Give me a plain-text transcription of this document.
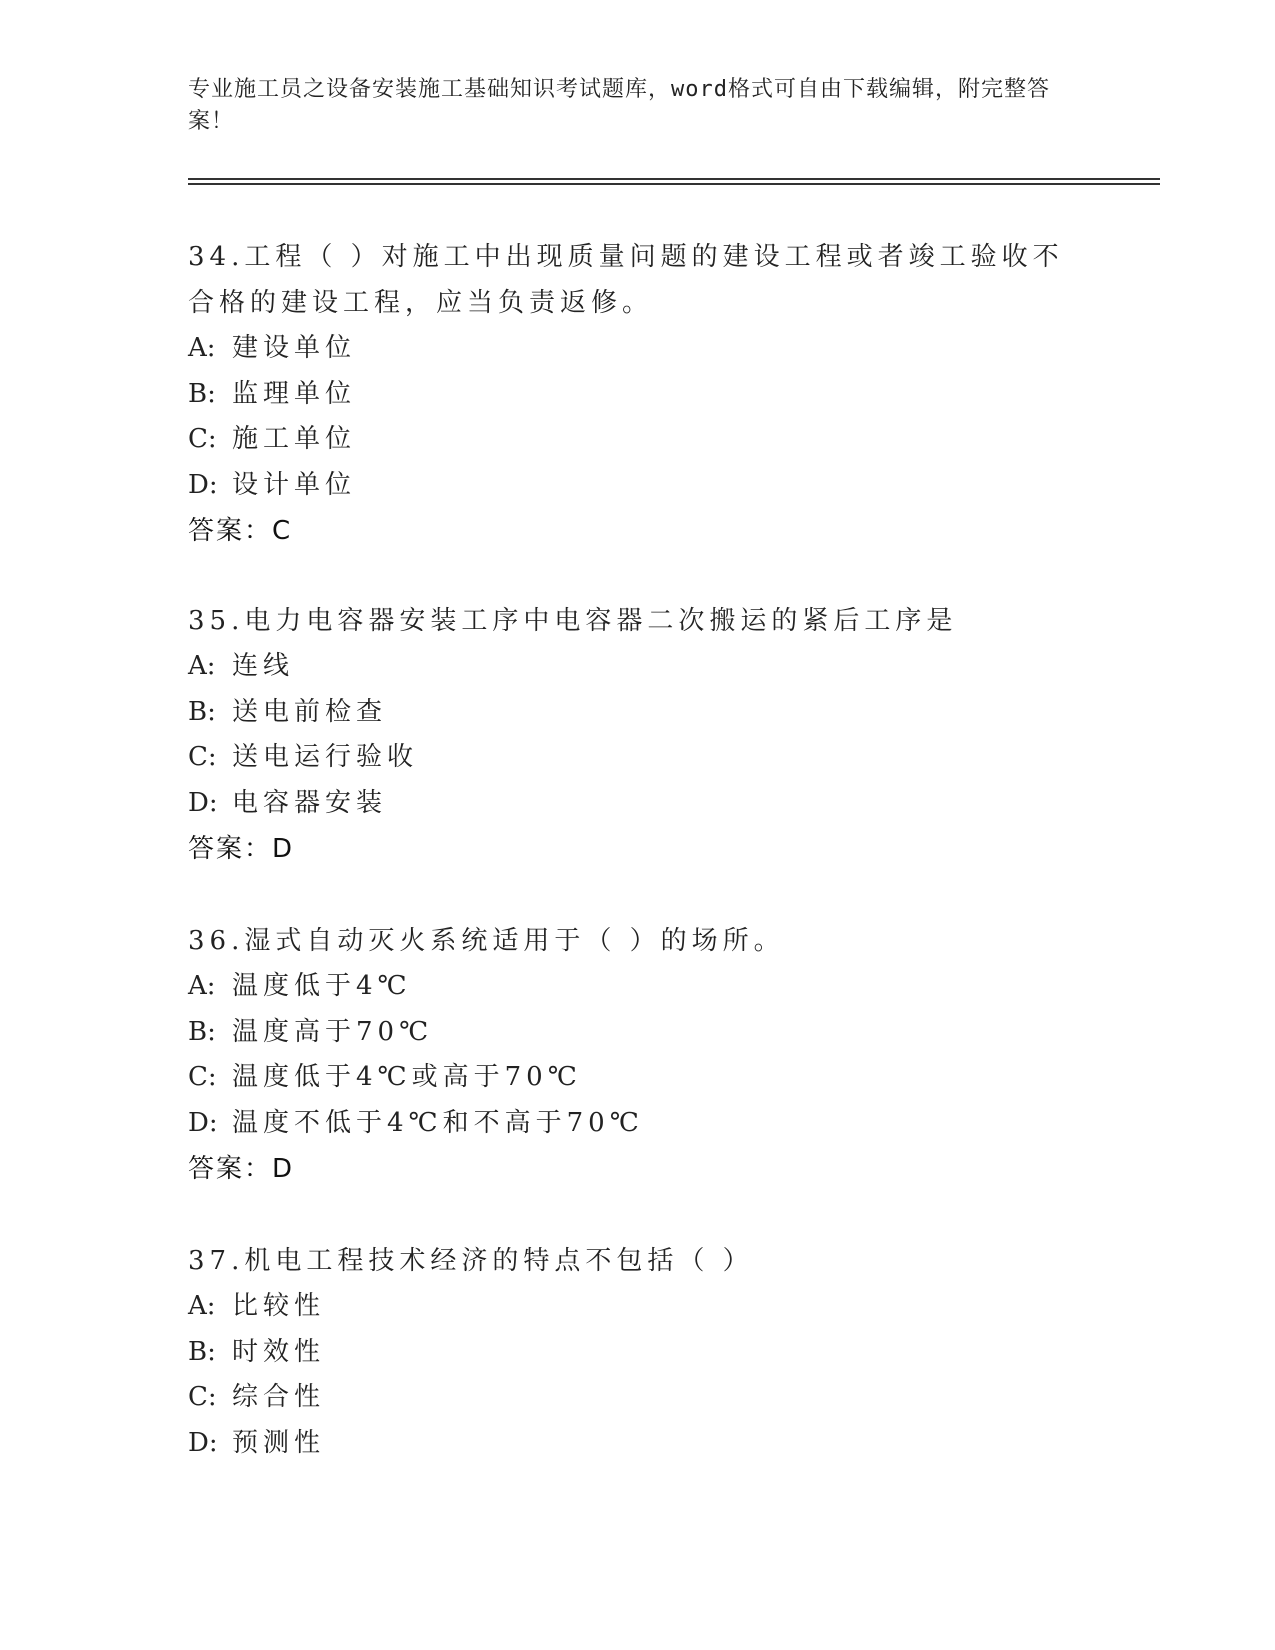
专业施工员之设备安装施工基础知识考试题库，word格式可自由下载编辑，附完整答案！

34.工程（ ）对施工中出现质量问题的建设工程或者竣工验收不合格的建设工程，应当负责返修。

A: 建设单位
B: 监理单位
C: 施工单位
D: 设计单位
答案：C

35.电力电容器安装工序中电容器二次搬运的紧后工序是

A: 连线
B: 送电前检查
C: 送电运行验收
D: 电容器安装
答案：D

36.湿式自动灭火系统适用于（ ）的场所。

A: 温度低于4℃
B: 温度高于70℃
C: 温度低于4℃或高于70℃
D: 温度不低于4℃和不高于70℃
答案：D

37.机电工程技术经济的特点不包括（ ）

A: 比较性
B: 时效性
C: 综合性
D: 预测性
